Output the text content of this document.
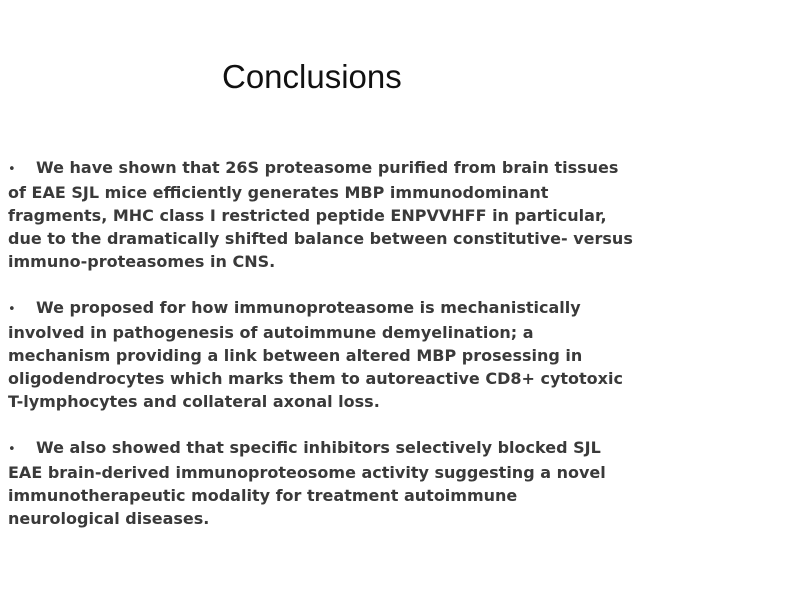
Conclusions
• We have shown that 26S proteasome purified from brain tissues of EAE SJL mice efficiently generates MBP immunodominant fragments, MHC class I restricted peptide ENPVVHFF in particular, due to the dramatically shifted balance between constitutive- versus immuno-proteasomes in CNS.
• We proposed for how immunoproteasome is mechanistically involved in pathogenesis of autoimmune demyelination; a mechanism providing a link between altered MBP prosessing in oligodendrocytes which marks them to autoreactive CD8+ cytotoxic T-lymphocytes and collateral axonal loss.
• We also showed that specific inhibitors selectively blocked SJL EAE brain-derived immunoproteosome activity suggesting a novel immunotherapeutic modality for treatment autoimmune neurological diseases.
